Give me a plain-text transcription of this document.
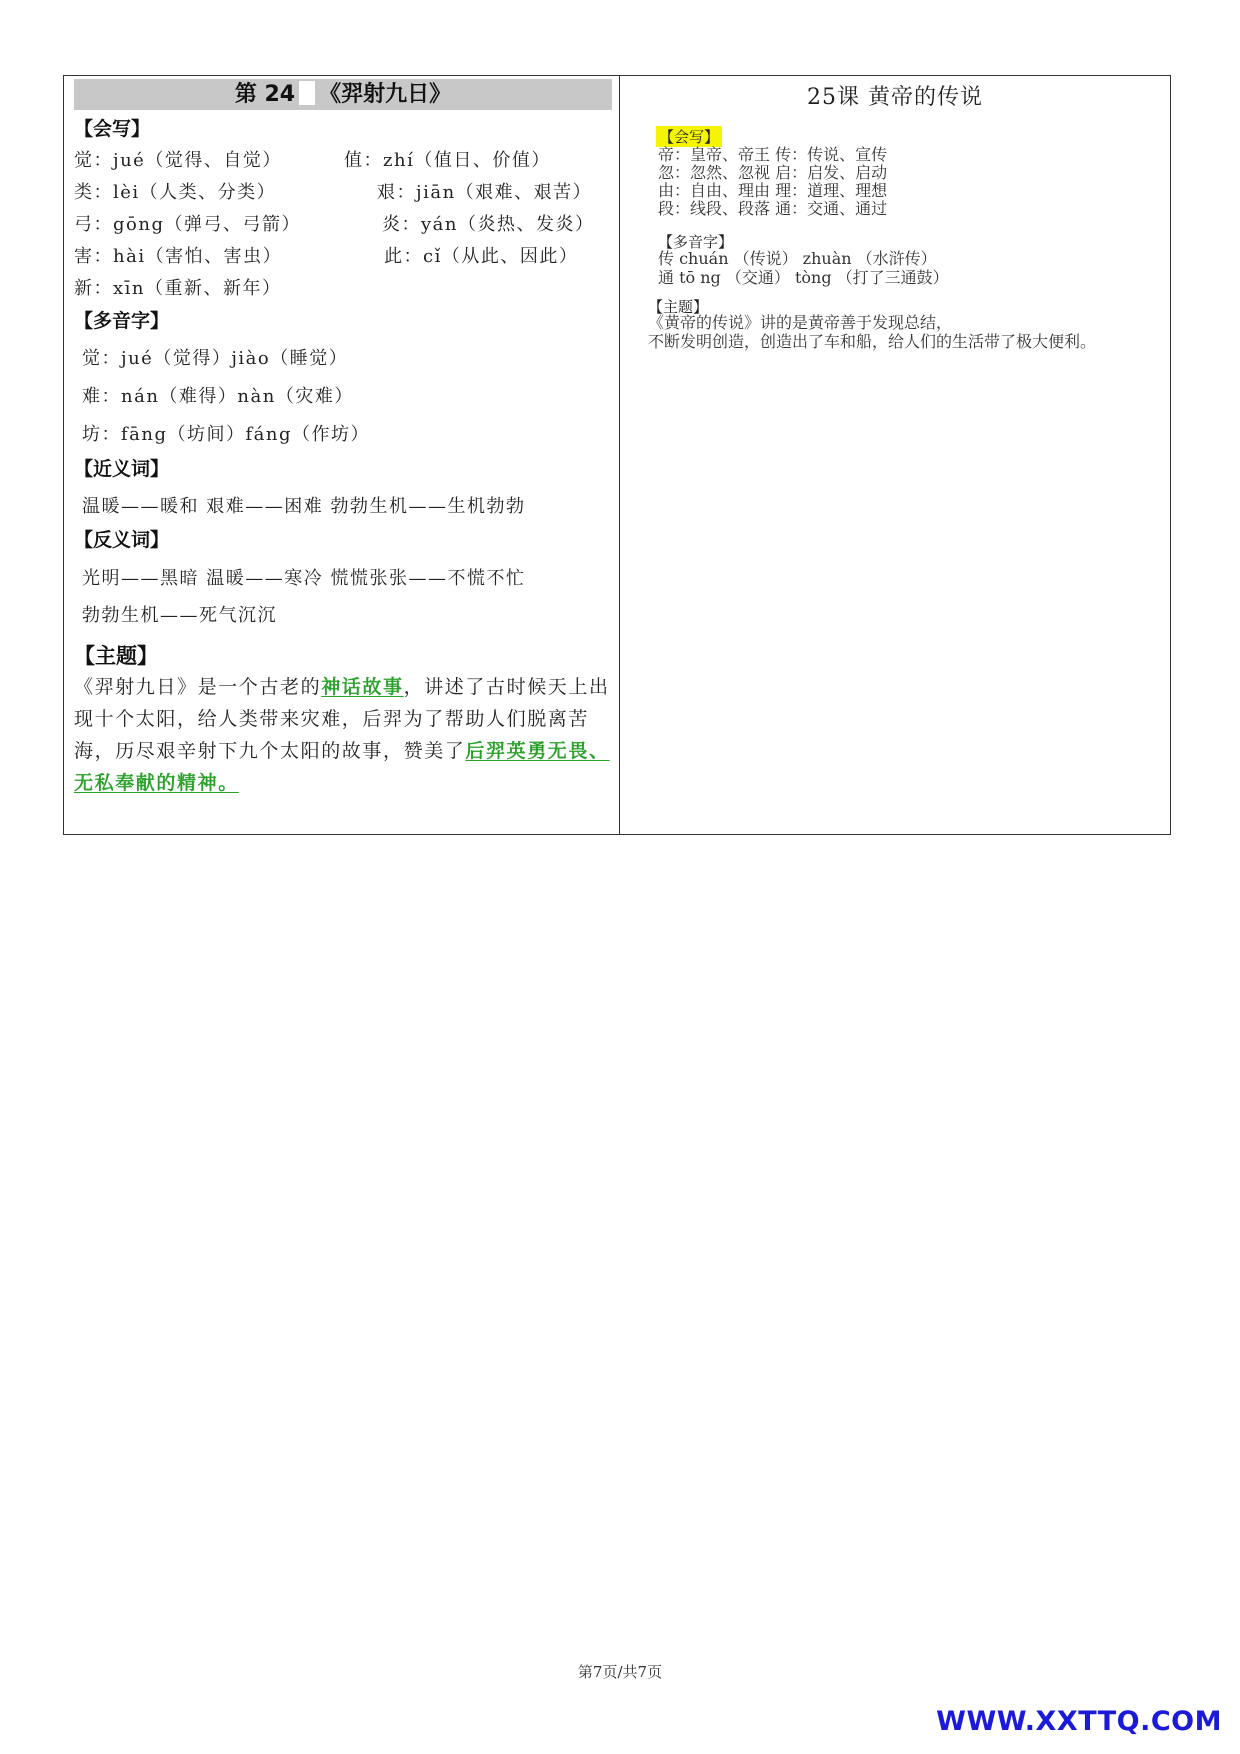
第 24 《羿射九日》
【会写】
觉：jué（觉得、自觉）	值：zhí（值日、价值）
类：lèi（人类、分类）	艰：jiān（艰难、艰苦）
弓：gōng（弹弓、弓箭）	炎：yán（炎热、发炎）
害：hài（害怕、害虫）	此：cǐ（从此、因此）
新：xīn（重新、新年）
【多音字】
觉：jué（觉得）jiào（睡觉）
难：nán（难得）nàn（灾难）
坊：fāng（坊间）fáng（作坊）
【近义词】
温暖——暖和 艰难——困难 勃勃生机——生机勃勃
【反义词】
光明——黑暗 温暖——寒冷 慌慌张张——不慌不忙
勃勃生机——死气沉沉
【主题】
《羿射九日》是一个古老的神话故事，讲述了古时候天上出现十个太阳，给人类带来灾难，后羿为了帮助人们脱离苦海，历尽艰辛射下九个太阳的故事，赞美了后羿英勇无畏、无私奉献的精神。
25课 黄帝的传说
【会写】
帝：皇帝、帝王 传：传说、宣传
忽：忽然、忽视 启：启发、启动
由：自由、理由 理：道理、理想
段：线段、段落 通：交通、通过
【多音字】
传 chuán （传说） zhuàn （水浒传）
通 tō ng （交通） tòng （打了三通鼓）
【主题】
《黄帝的传说》讲的是黄帝善于发现总结，
不断发明创造，创造出了车和船，给人们的生活带了极大便利。
第7页/共7页
WWW.XXTTQ.COM
